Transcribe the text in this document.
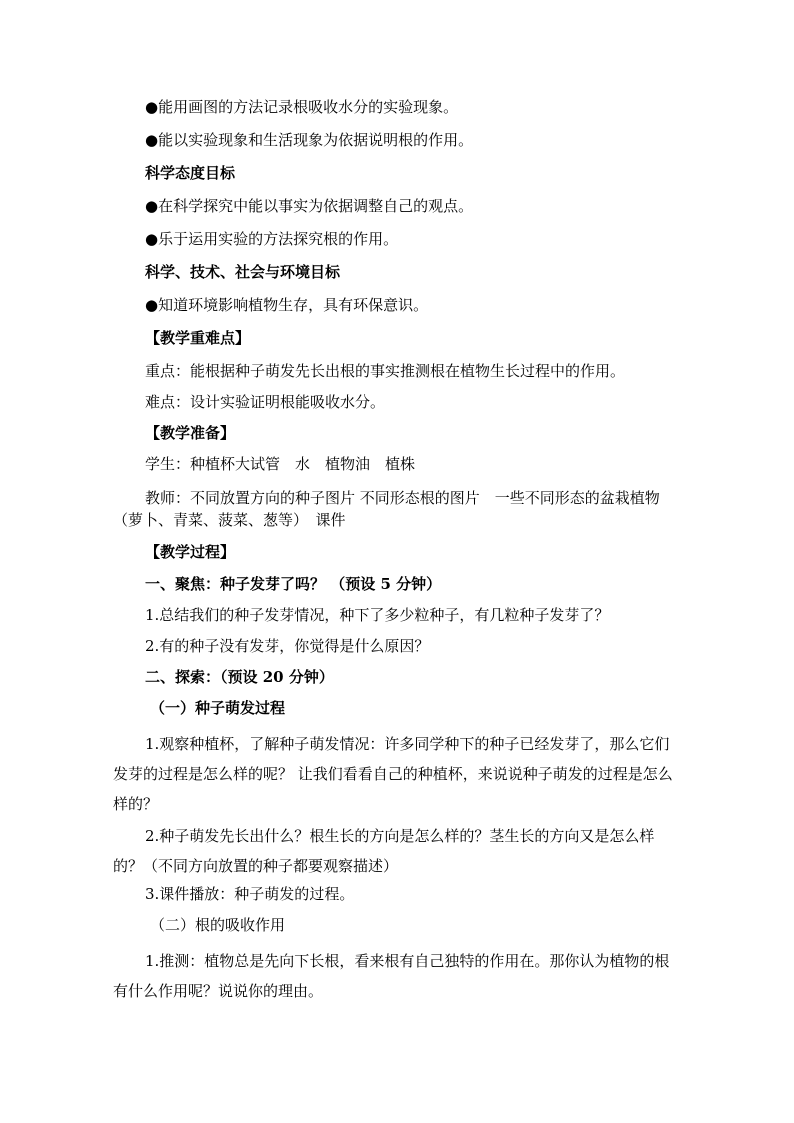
●能用画图的方法记录根吸收水分的实验现象。
●能以实验现象和生活现象为依据说明根的作用。
科学态度目标
●在科学探究中能以事实为依据调整自己的观点。
●乐于运用实验的方法探究根的作用。
科学、技术、社会与环境目标
●知道环境影响植物生存，具有环保意识。
【教学重难点】
重点：能根据种子萌发先长出根的事实推测根在植物生长过程中的作用。
难点：设计实验证明根能吸收水分。
【教学准备】
学生：种植杯大试管　水　植物油　植株
教师：不同放置方向的种子图片 不同形态根的图片　一些不同形态的盆栽植物（萝卜、青菜、菠菜、葱等）　课件
【教学过程】
一、聚焦：种子发芽了吗？ （预设 5 分钟）
1.总结我们的种子发芽情况，种下了多少粒种子，有几粒种子发芽了？
2.有的种子没有发芽，你觉得是什么原因？
二、探索：（预设 20 分钟）
（一）种子萌发过程
1.观察种植杯，了解种子萌发情况：许多同学种下的种子已经发芽了，那么它们发芽的过程是怎么样的呢？ 让我们看看自己的种植杯，来说说种子萌发的过程是怎么样的？
2.种子萌发先长出什么？根生长的方向是怎么样的？茎生长的方向又是怎么样的？（不同方向放置的种子都要观察描述）
3.课件播放：种子萌发的过程。
（二）根的吸收作用
1.推测：植物总是先向下长根，看来根有自己独特的作用在。那你认为植物的根有什么作用呢？说说你的理由。
